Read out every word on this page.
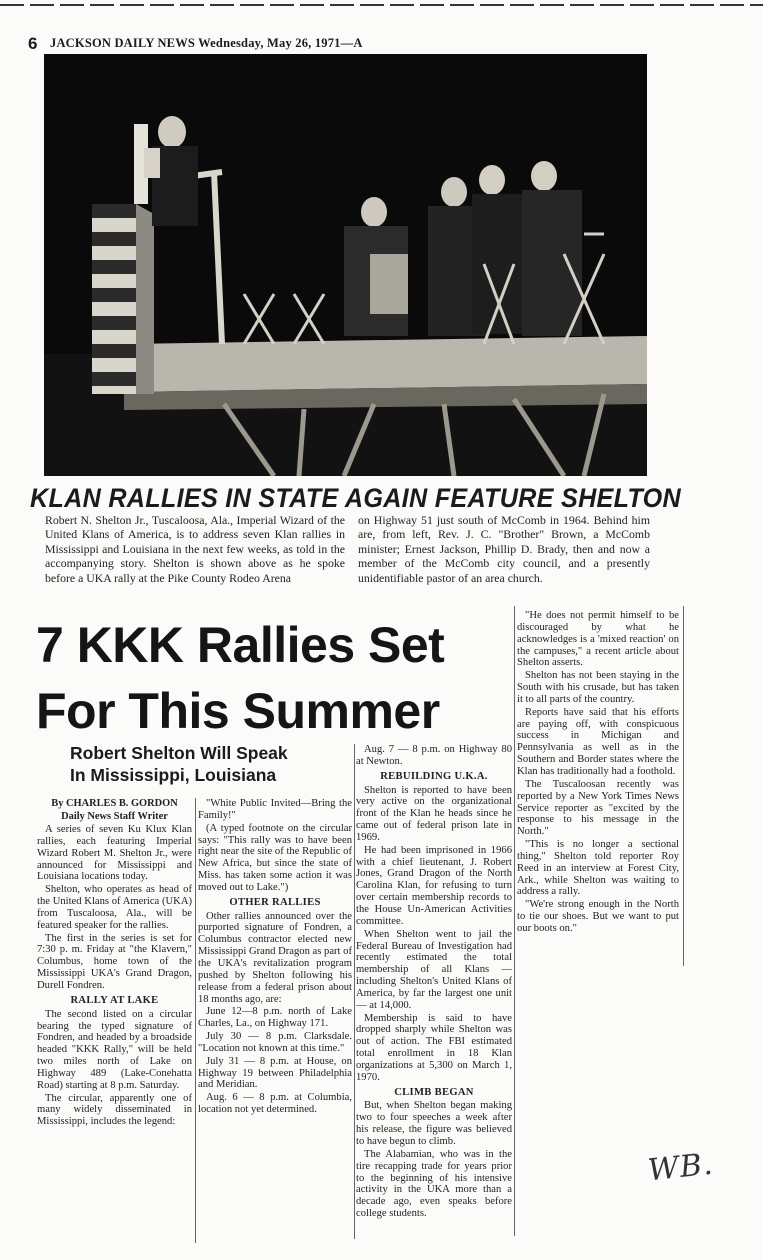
6 JACKSON DAILY NEWS Wednesday, May 26, 1971—A
KLAN RALLIES IN STATE AGAIN FEATURE SHELTON
Robert N. Shelton Jr., Tuscaloosa, Ala., Imperial Wizard of the United Klans of America, is to address seven Klan rallies in Mississippi and Louisiana in the next few weeks, as told in the accompanying story. Shelton is shown above as he spoke before a UKA rally at the Pike County Rodeo Arena
on Highway 51 just south of McComb in 1964. Behind him are, from left, Rev. J. C. "Brother" Brown, a McComb minister; Ernest Jackson, Phillip D. Brady, then and now a member of the McComb city council, and a presently unidentifiable pastor of an area church.
7 KKK Rallies Set
For This Summer
Robert Shelton Will Speak
In Mississippi, Louisiana
By CHARLES B. GORDON
Daily News Staff Writer

A series of seven Ku Klux Klan rallies, each featuring Imperial Wizard Robert M. Shelton Jr., were announced for Mississippi and Louisiana locations today.

Shelton, who operates as head of the United Klans of America (UKA) from Tuscaloosa, Ala., will be featured speaker for the rallies.

The first in the series is set for 7:30 p. m. Friday at "the Klavern," Columbus, home town of the Mississippi UKA's Grand Dragon, Durell Fondren.

RALLY AT LAKE

The second listed on a circular bearing the typed signature of Fondren, and headed by a broadside headed "KKK Rally," will be held two miles north of Lake on Highway 489 (Lake-Conehatta Road) starting at 8 p.m. Saturday.

The circular, apparently one of many widely disseminated in Mississippi, includes the legend:

"White Public Invited—Bring the Family!"

(A typed footnote on the circular says: "This rally was to have been right near the site of the Republic of New Africa, but since the state of Miss. has taken some action it was moved out to Lake.")

OTHER RALLIES

Other rallies announced over the purported signature of Fondren, a Columbus contractor elected new Mississippi Grand Dragon as part of the UKA's revitalization program pushed by Shelton following his release from a federal prison about 18 months ago, are:

June 12—8 p.m. north of Lake Charles, La., on Highway 171.

July 30 — 8 p.m. Clarksdale. "Location not known at this time."

July 31 — 8 p.m. at House, on Highway 19 between Philadelphia and Meridian.

Aug. 6 — 8 p.m. at Columbia, location not yet determined.

Aug. 7 — 8 p.m. on Highway 80 at Newton.

REBUILDING U.K.A.

Shelton is reported to have been very active on the organizational front of the Klan he heads since he came out of federal prison late in 1969.

He had been imprisoned in 1966 with a chief lieutenant, J. Robert Jones, Grand Dragon of the North Carolina Klan, for refusing to turn over certain membership records to the House Un-American Activities committee.

When Shelton went to jail the Federal Bureau of Investigation had recently estimated the total membership of all Klans — including Shelton's United Klans of America, by far the largest one unit — at 14,000.

Membership is said to have dropped sharply while Shelton was out of action. The FBI estimated total enrollment in 18 Klan organizations at 5,300 on March 1, 1970.

CLIMB BEGAN

But, when Shelton began making two to four speeches a week after his release, the figure was believed to have begun to climb.

The Alabamian, who was in the tire recapping trade for years prior to the beginning of his intensive activity in the UKA more than a decade ago, even speaks before college students.

"He does not permit himself to be discouraged by what he acknowledges is a 'mixed reaction' on the campuses," a recent article about Shelton asserts.

Shelton has not been staying in the South with his crusade, but has taken it to all parts of the country.

Reports have said that his efforts are paying off, with conspicuous success in Michigan and Pennsylvania as well as in the Southern and Border states where the Klan has traditionally had a foothold.

The Tuscaloosan recently was reported by a New York Times News Service reporter as "excited by the response to his message in the North."

"This is no longer a sectional thing," Shelton told reporter Roy Reed in an interview at Forest City, Ark., while Shelton was waiting to address a rally.

"We're strong enough in the North to tie our shoes. But we want to put our boots on."

WB.
